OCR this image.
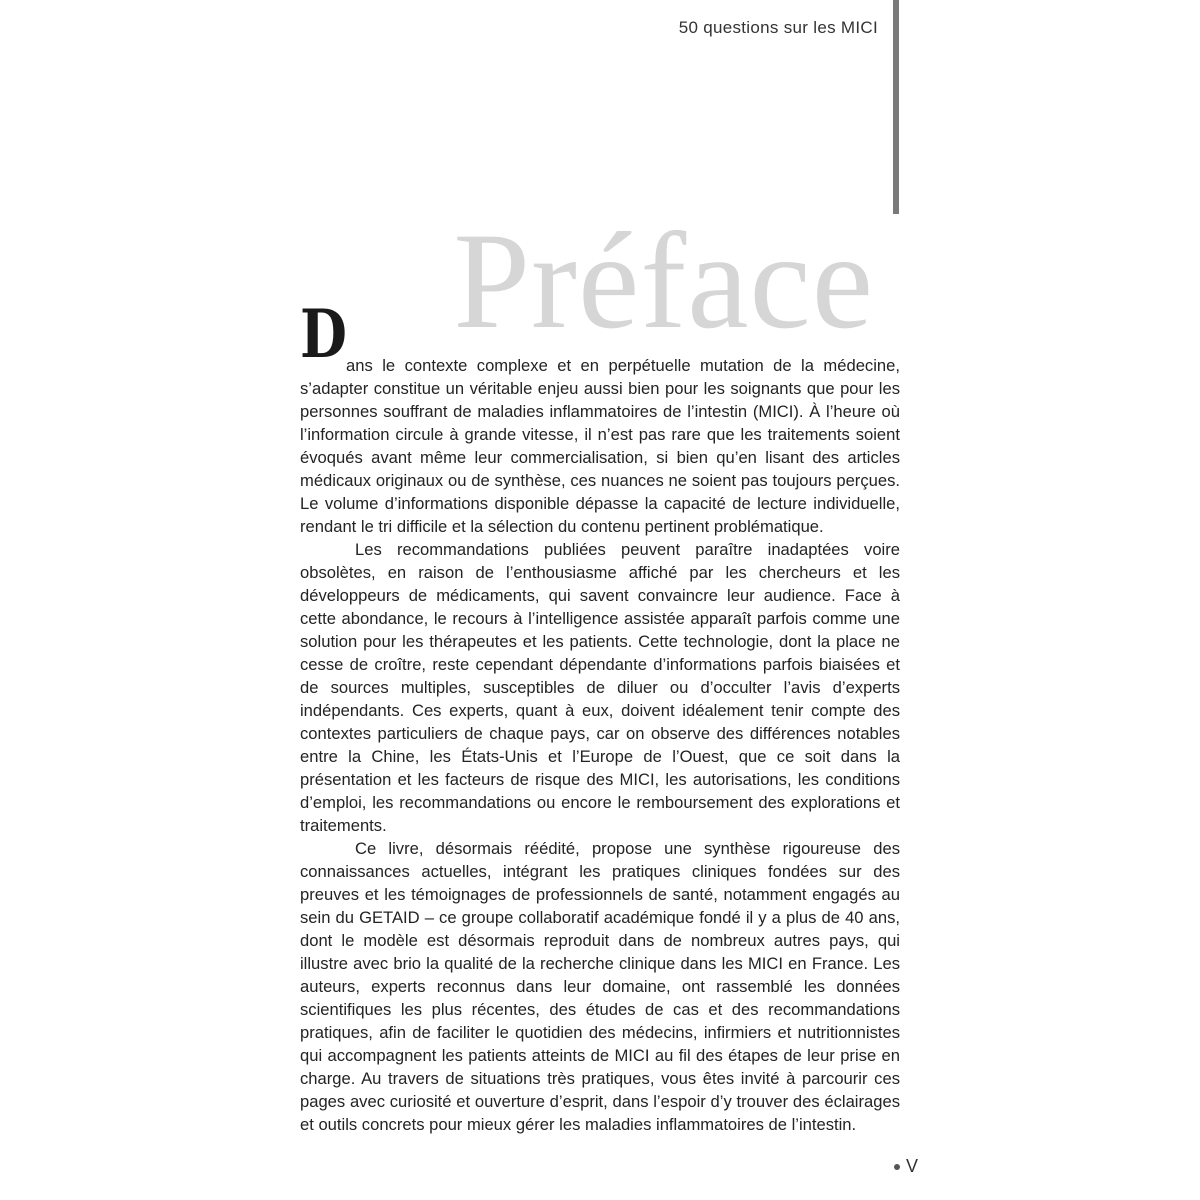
50 questions sur les MICI
Préface

Dans le contexte complexe et en perpétuelle mutation de la médecine, s’adapter constitue un véritable enjeu aussi bien pour les soignants que pour les personnes souffrant de maladies inflammatoires de l’intestin (MICI). À l’heure où l’information circule à grande vitesse, il n’est pas rare que les traitements soient évoqués avant même leur commercialisation, si bien qu’en lisant des articles médicaux originaux ou de synthèse, ces nuances ne soient pas toujours perçues. Le volume d’informations disponible dépasse la capacité de lecture individuelle, rendant le tri difficile et la sélection du contenu pertinent problématique.

Les recommandations publiées peuvent paraître inadaptées voire obsolètes, en raison de l’enthousiasme affiché par les chercheurs et les développeurs de médicaments, qui savent convaincre leur audience. Face à cette abondance, le recours à l’intelligence assistée apparaît parfois comme une solution pour les thérapeutes et les patients. Cette technologie, dont la place ne cesse de croître, reste cependant dépendante d’informations parfois biaisées et de sources multiples, susceptibles de diluer ou d’occulter l’avis d’experts indépendants. Ces experts, quant à eux, doivent idéalement tenir compte des contextes particuliers de chaque pays, car on observe des différences notables entre la Chine, les États-Unis et l’Europe de l’Ouest, que ce soit dans la présentation et les facteurs de risque des MICI, les autorisations, les conditions d’emploi, les recommandations ou encore le remboursement des explorations et traitements.

Ce livre, désormais réédité, propose une synthèse rigoureuse des connaissances actuelles, intégrant les pratiques cliniques fondées sur des preuves et les témoignages de professionnels de santé, notamment engagés au sein du GETAID – ce groupe collaboratif académique fondé il y a plus de 40 ans, dont le modèle est désormais reproduit dans de nombreux autres pays, qui illustre avec brio la qualité de la recherche clinique dans les MICI en France. Les auteurs, experts reconnus dans leur domaine, ont rassemblé les données scientifiques les plus récentes, des études de cas et des recommandations pratiques, afin de faciliter le quotidien des médecins, infirmiers et nutritionnistes qui accompagnent les patients atteints de MICI au fil des étapes de leur prise en charge. Au travers de situations très pratiques, vous êtes invité à parcourir ces pages avec curiosité et ouverture d’esprit, dans l’espoir d’y trouver des éclairages et outils concrets pour mieux gérer les maladies inflammatoires de l’intestin.

V
